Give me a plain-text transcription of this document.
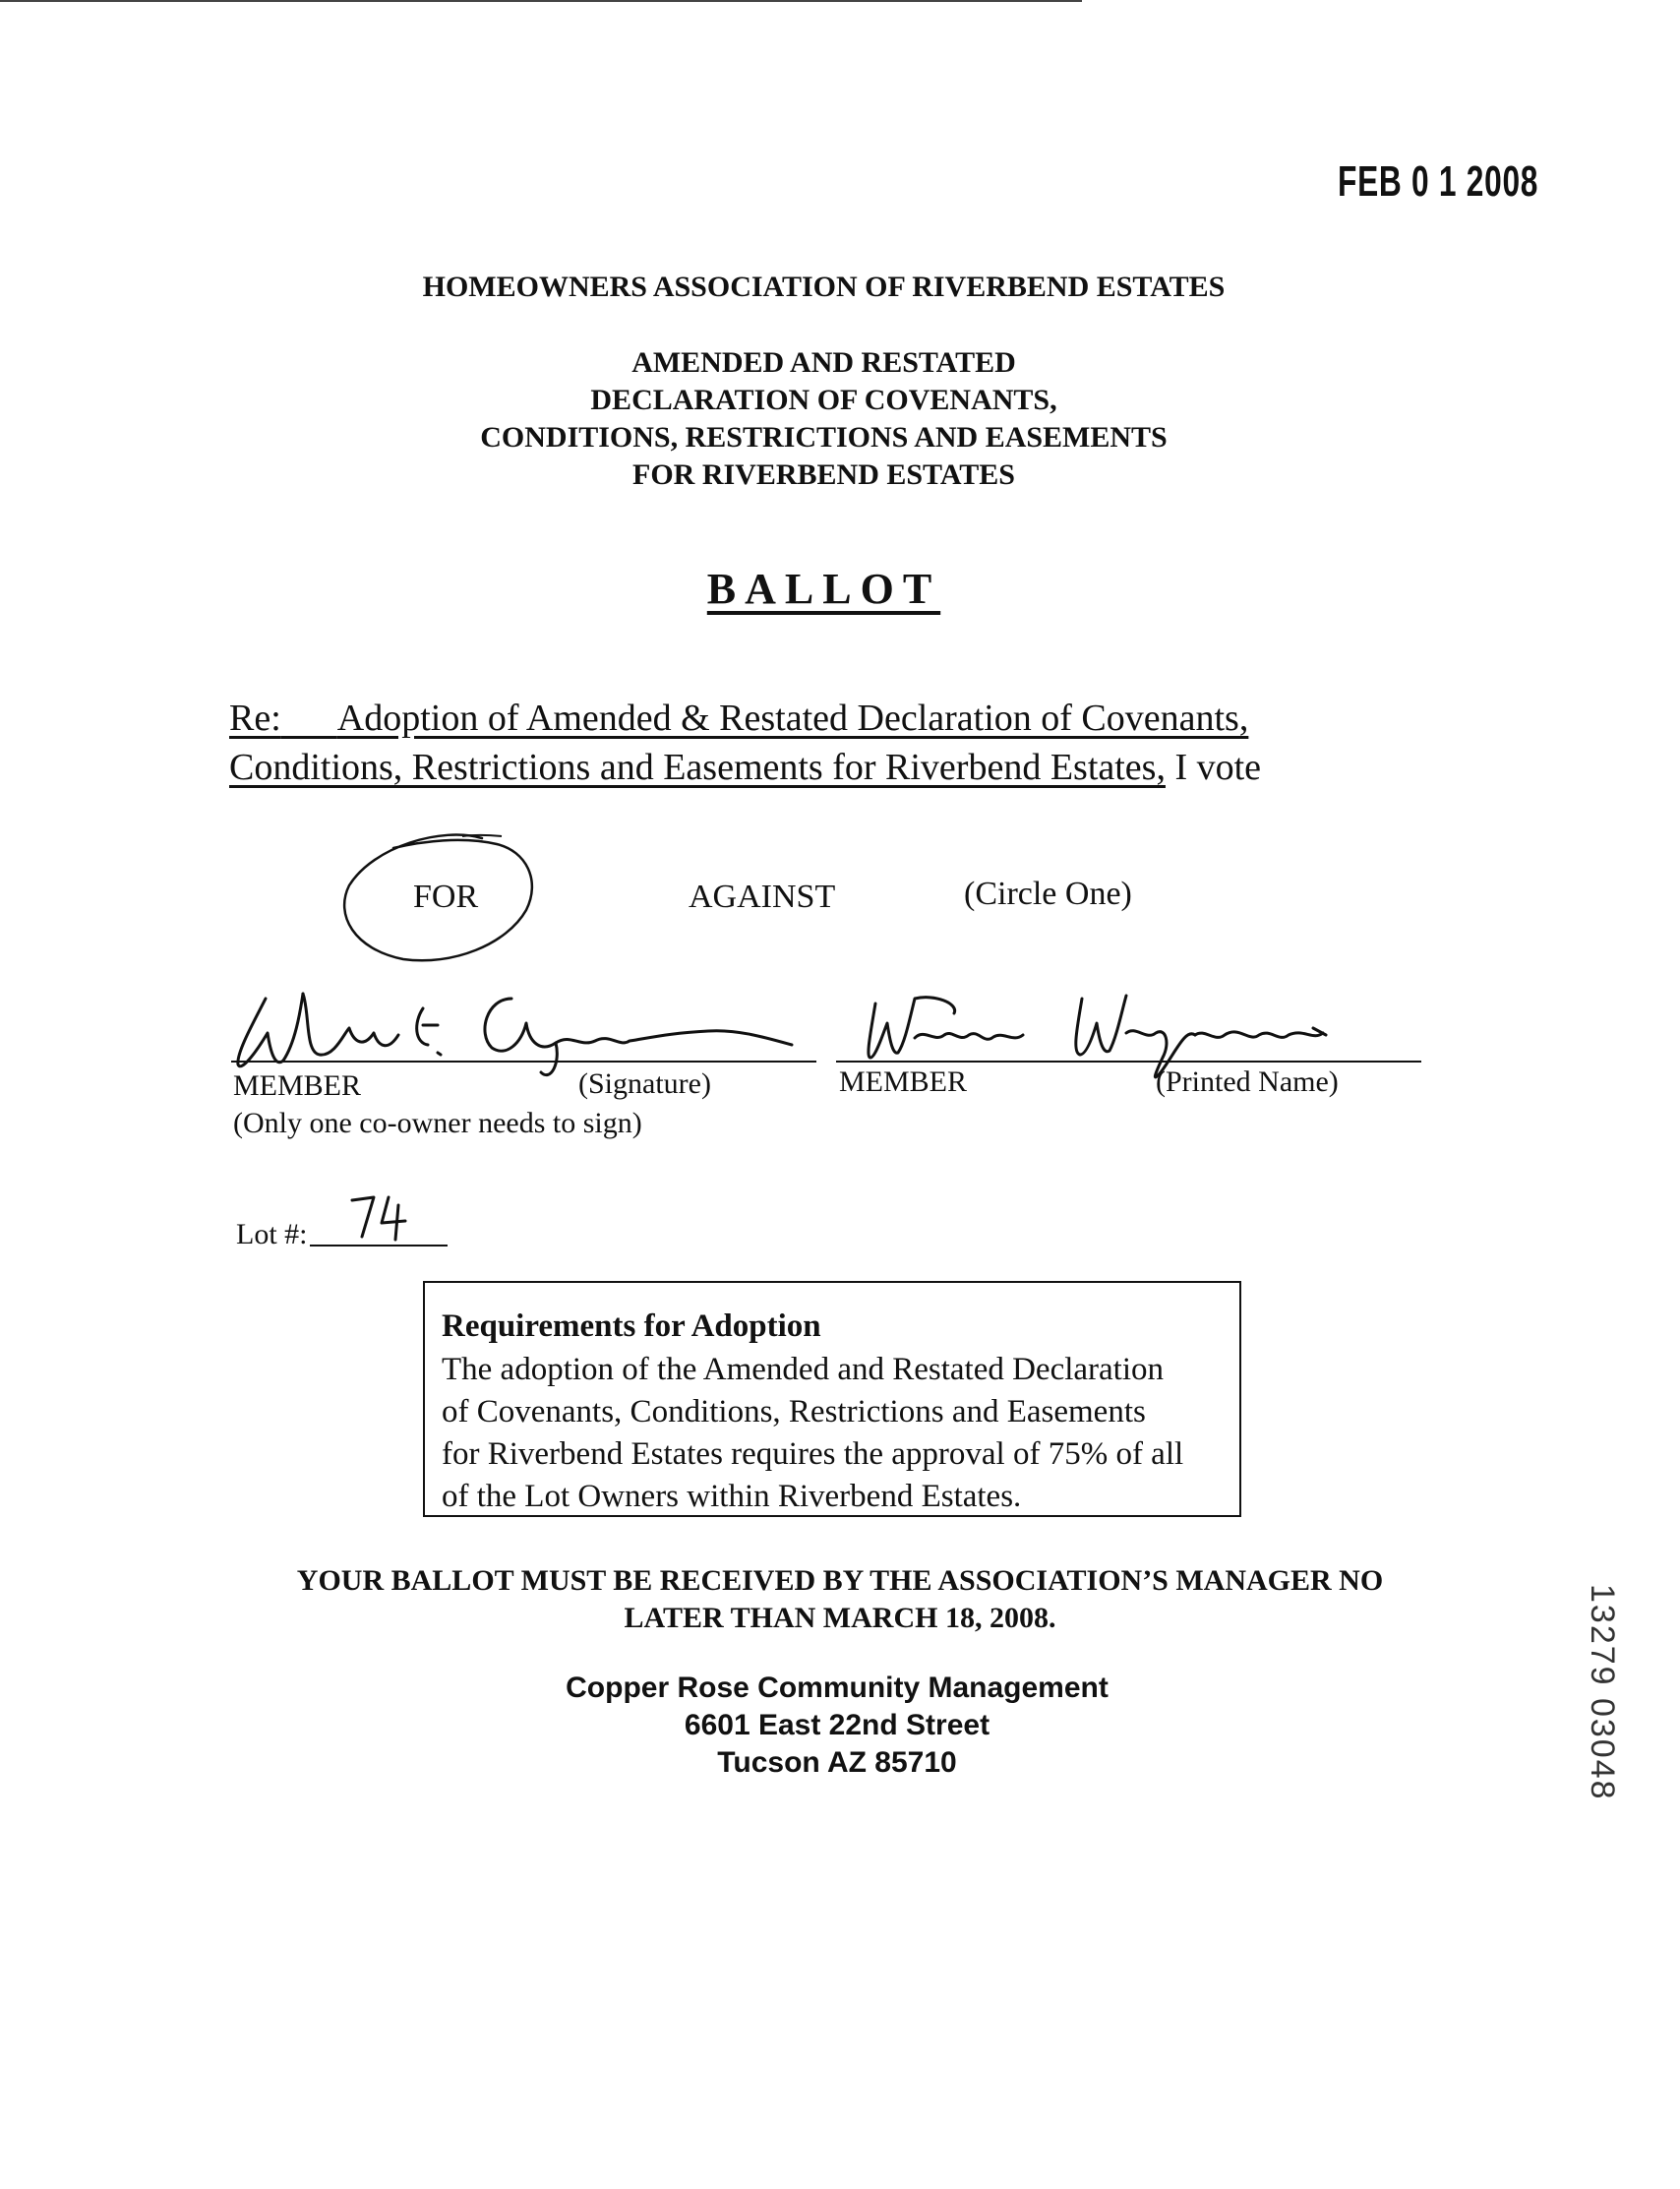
FEB 0 1 2008
HOMEOWNERS ASSOCIATION OF RIVERBEND ESTATES
AMENDED AND RESTATED
DECLARATION OF COVENANTS,
CONDITIONS, RESTRICTIONS AND EASEMENTS
FOR RIVERBEND ESTATES
BALLOT
Re: Adoption of Amended & Restated Declaration of Covenants,
Conditions, Restrictions and Easements for Riverbend Estates, I vote
FOR	AGAINST	(Circle One)
MEMBER	(Signature)	MEMBER	(Printed Name)
(Only one co-owner needs to sign)
Lot #:
Requirements for Adoption
The adoption of the Amended and Restated Declaration
of Covenants, Conditions, Restrictions and Easements
for Riverbend Estates requires the approval of 75% of all
of the Lot Owners within Riverbend Estates.
YOUR BALLOT MUST BE RECEIVED BY THE ASSOCIATION’S MANAGER NO
LATER THAN MARCH 18, 2008.
Copper Rose Community Management
6601 East 22nd Street
Tucson AZ 85710	13279 03048
